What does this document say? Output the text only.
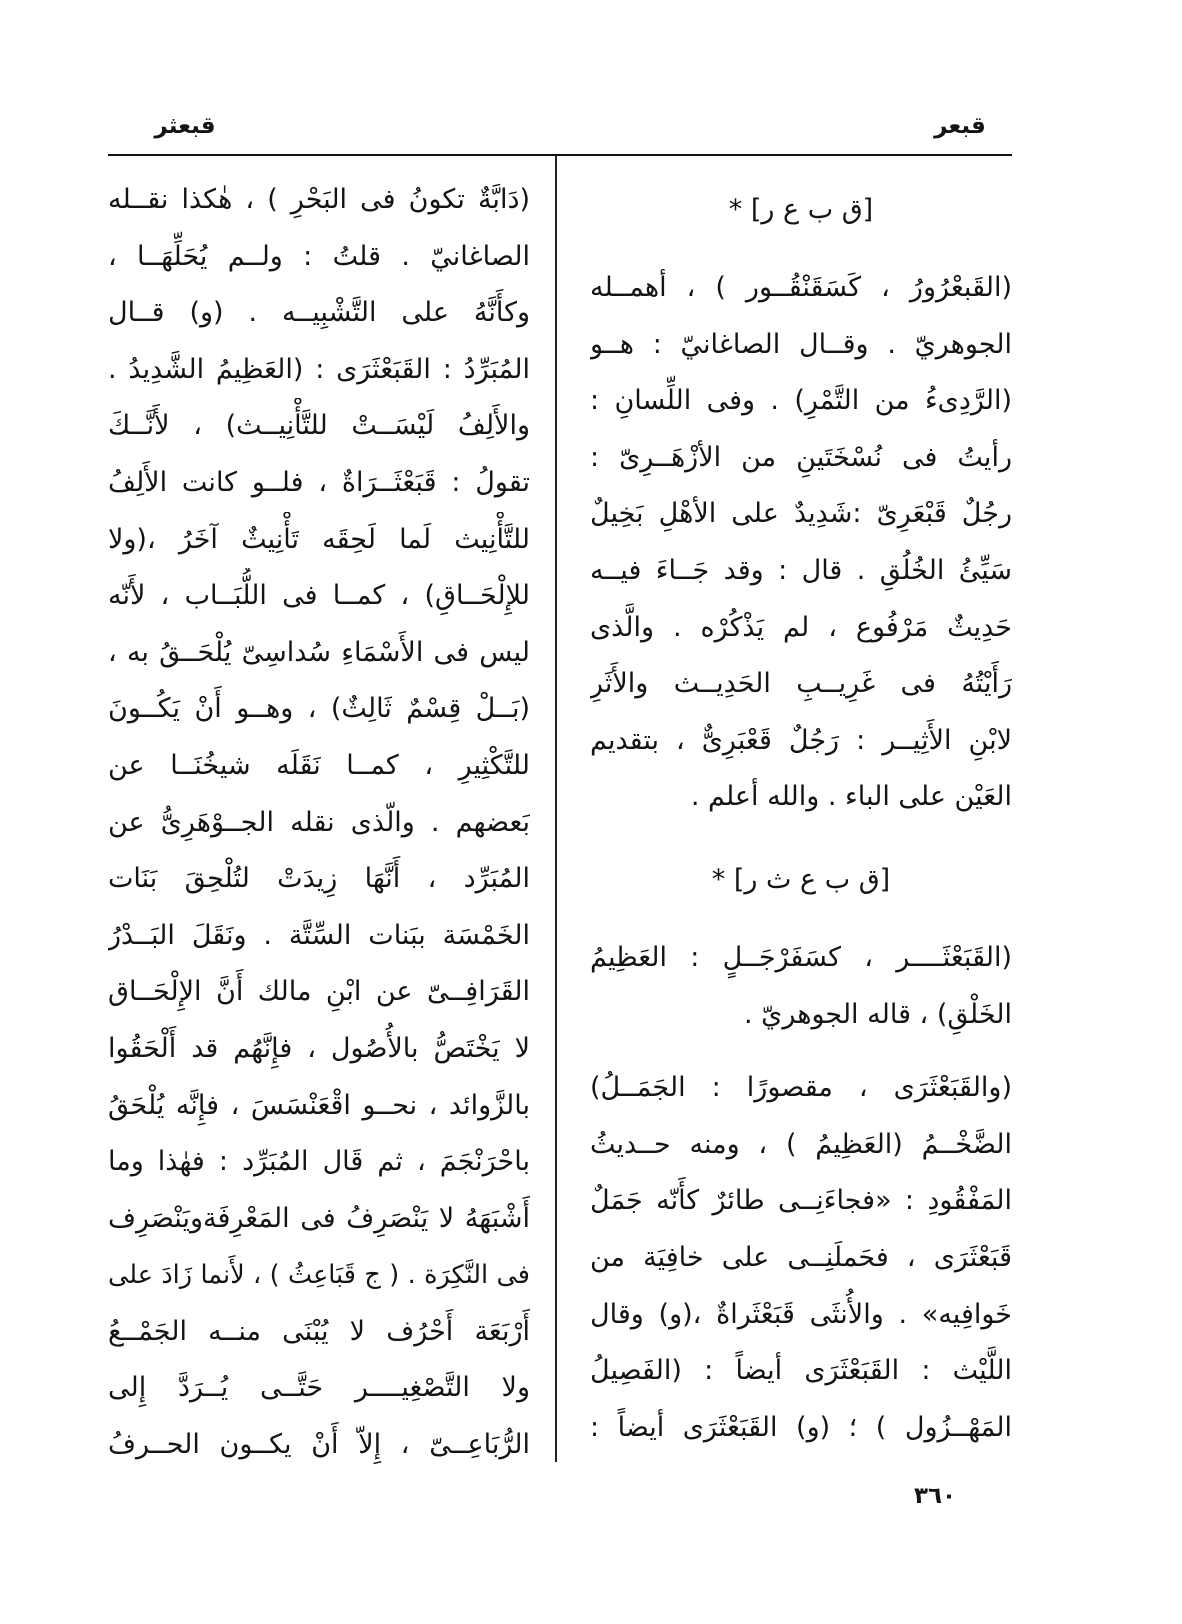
قبعثر	قبعر
(دَابَّةٌ تكونُ فى البَحْرِ ) ، هٰكذا نقــله
الصاغانيّ . قلتُ : ولــم يُحَلِّهَــا ،
وكأَنَّهُ على التَّشْبِيــه . (و) قــال
المُبَرِّدُ : القَبَعْثَرَى : (العَظِيمُ الشَّدِيدُ .
والأَلِفُ لَيْسَــتْ للتَّأْنِيــث) ، لأَنَّــكَ
تقولُ : قَبَعْثَــرَاةٌ ، فلــو كانت الأَلِفُ
للتَّأْنِيث لَما لَحِقَه تَأْنِيثٌ آخَرُ ،(ولا
للإِلْحَــاقِ) ، كمــا فى اللُّبَــاب ، لأَنّه
ليس فى الأَسْمَاءِ سُداسِىّ يُلْحَــقُ به ،
(بَــلْ قِسْمٌ ثَالِثٌ) ، وهــو أَنْ يَكُــونَ
للتَّكْثِيرِ ، كمــا نَقَلَه شيخُنَــا عن
بَعضهم . والّذى نقله الجــوْهَرِىُّ عن
المُبَرِّد ، أَنَّهَا زِيدَتْ لتُلْحِقَ بَنَات
الخَمْسَة ببَنات السِّتَّة . ونَقَلَ البَــدْرُ
القَرَافِــىّ عن ابْنِ مالك أَنَّ الإِلْحَــاق
لا يَخْتَصُّ بالأُصُول ، فإِنَّهُم قد أَلْحَقُوا
بالزَّوائد ، نحــو اقْعَنْسَسَ ، فإِنَّه يُلْحَقُ
باحْرَنْجَمَ ، ثم قَال المُبَرِّد : فهٰذا وما
أَشْبَهَهُ لا يَنْصَرِفُ فى المَعْرِفَةويَنْصَرِف
فى النَّكِرَة . ( ج قَبَاعِثُ ) ، لأَنما زَادَ على
أَرْبَعَة أَحْرُف لا يُبْنَى منــه الجَمْــعُ
ولا التَّصْغِيــــر حَتَّــى يُــرَدَّ إِلى
الرُّبَاعِــىّ ، إِلاّ أَنْ يكــون الحــرفُ
[ق ب ع ر] *
(القَبعْرُورُ ، كَسَقَنْقُــور ) ، أهمــله
الجوهريّ . وقــال الصاغانيّ : هــو
(الرَّدِىءُ من التَّمْرِ) . وفى اللِّسانِ :
رأيتُ فى نُسْخَتَينِ من الأزْهَــرِىّ :
رجُلٌ قَبْعَرِىّ :شَدِيدٌ على الأهْلِ بَخِيلٌ
سَيِّئُ الخُلُقِ . قال : وقد جَــاءَ فيــه
حَدِيثٌ مَرْفُوع ، لم يَذْكُرْه . والَّذى
رَأَيْتُهُ فى غَرِيــبِ الحَدِيــث والأَثَرِ
لابْنِ الأَثِيــر : رَجُلٌ قَعْبَرِىٌّ ، بتقديم
العَيْن على الباء . والله أعلم .
[ق ب ع ث ر] *
(القَبَعْثَــــر ، كسَفَرْجَــلٍ : العَظِيمُ
الخَلْقِ) ، قاله الجوهريّ .
(والقَبَعْثَرَى ، مقصورًا : الجَمَــلُ)
الضَّخْــمُ (العَظِيمُ ) ، ومنه حــديثُ
المَفْقُودِ : «فجاءَنِــى طائرٌ كأَنّه جَمَلٌ
قَبَعْثَرَى ، فحَملَنِــى على خافِيَة من
خَوافِيه» . والأُنثَى قَبَعْثَراةٌ ،(و) وقال
اللَّيْث : القَبَعْثَرَى أيضاً : (الفَصِيلُ
المَهْــزُول ) ؛ (و) القَبَعْثَرَى أيضاً :
٣٦٠
